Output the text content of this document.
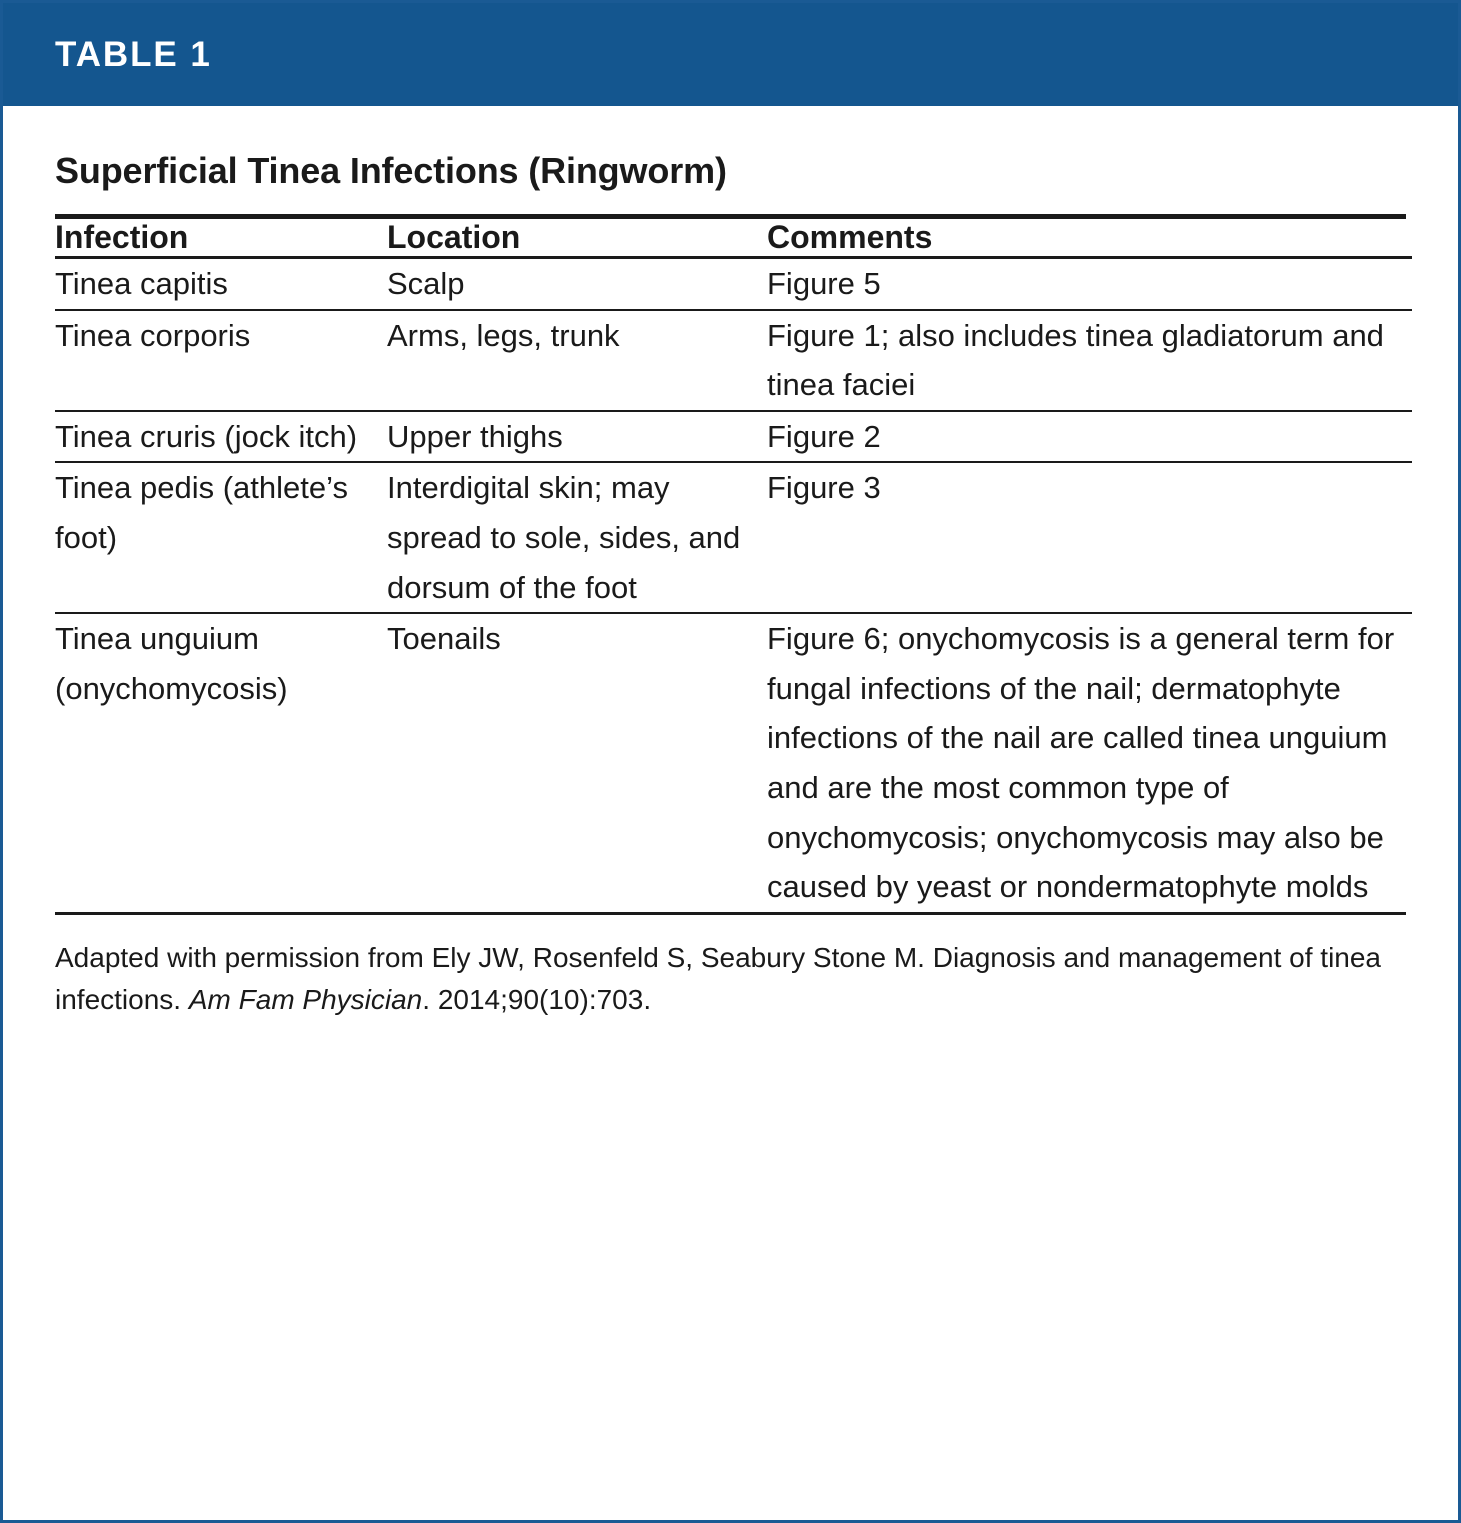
TABLE 1
Superficial Tinea Infections (Ringworm)
Infection	Location	Comments
Tinea capitis	Scalp	Figure 5
Tinea corporis	Arms, legs, trunk	Figure 1; also includes tinea gladiatorum and tinea faciei
Tinea cruris (jock itch)	Upper thighs	Figure 2
Tinea pedis (athlete’s foot)	Interdigital skin; may spread to sole, sides, and dorsum of the foot	Figure 3
Tinea unguium (onychomycosis)	Toenails	Figure 6; onychomycosis is a general term for fungal infections of the nail; dermatophyte infections of the nail are called tinea unguium and are the most common type of onychomycosis; onychomycosis may also be caused by yeast or nondermatophyte molds
Adapted with permission from Ely JW, Rosenfeld S, Seabury Stone M. Diagnosis and management of tinea infections. Am Fam Physician. 2014;90(10):703.
